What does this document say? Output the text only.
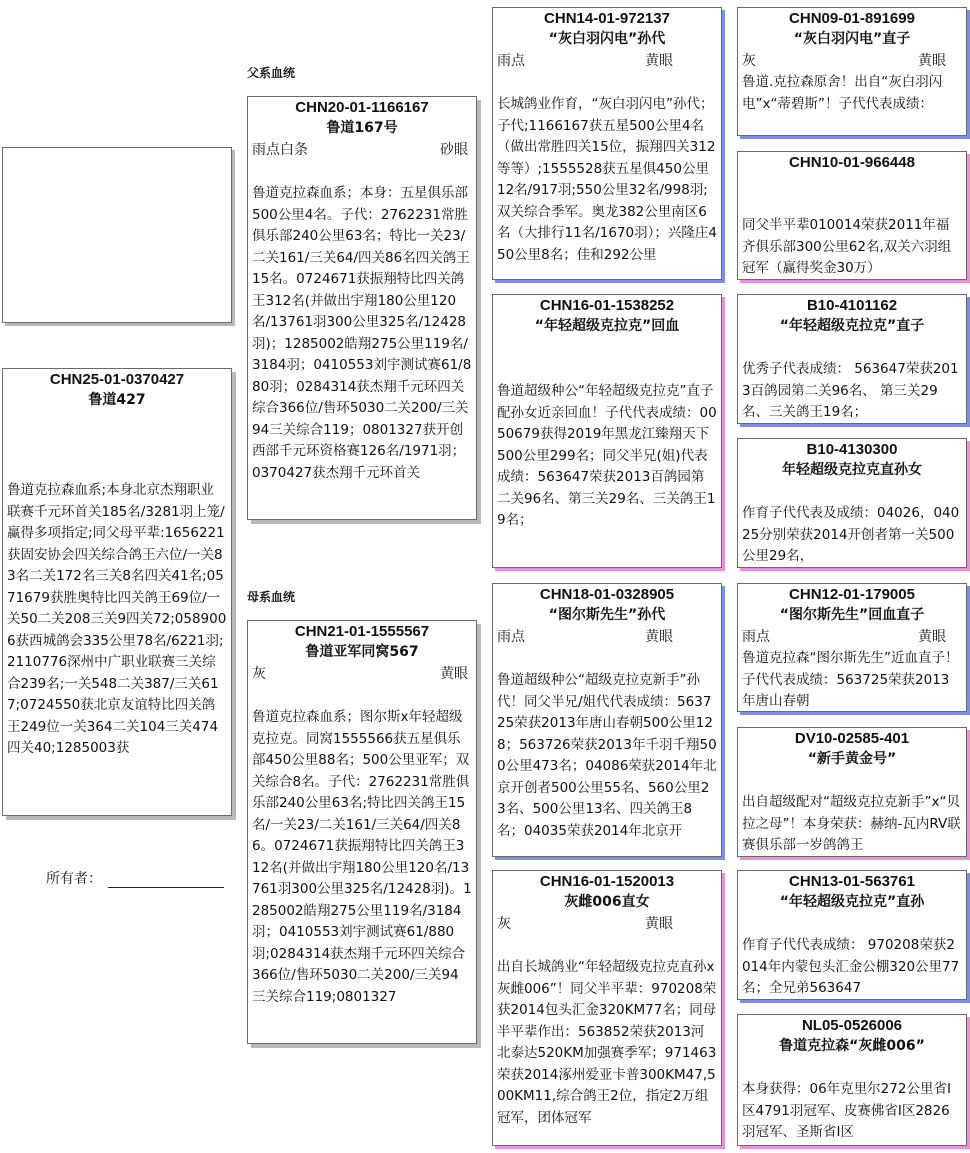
CHN25-01-0370427
鲁道427
鲁道克拉森血系;本身北京杰翔职业联赛千元环首关185名/3281羽上笼/赢得多项指定;同父母平辈:1656221获固安协会四关综合鸽王六位/一关83名二关172名三关8名四关41名;0571679获胜奥特比四关鸽王69位/一关50二关208三关9四关72;0589006获西城鸽会335公里78名/6221羽;2110776深州中广职业联赛三关综合239名;一关548二关387/三关617;0724550获北京友谊特比四关鸽王249位一关364二关104三关474四关40;1285003获
所有者：
父系血统
母系血统
CHN20-01-1166167
鲁道167号
雨点白条	砂眼
鲁道克拉森血系；本身：五星俱乐部500公里4名。子代：2762231常胜俱乐部240公里63名；特比一关23/二关161/三关64/四关86名四关鸽王15名。0724671获振翔特比四关鸽王312名(并做出宇翔180公里120名/13761羽300公里325名/12428羽)；1285002皓翔275公里119名/3184羽；0410553刘宇测试赛61/880羽；0284314获杰翔千元环四关综合366位/售环5030二关200/三关94三关综合119；0801327获开创西部千元环资格赛126名/1971羽；0370427获杰翔千元环首关
CHN21-01-1555567
鲁道亚军同窝567
灰	黄眼
鲁道克拉森血系；图尔斯x年轻超级克拉克。同窝1555566获五星俱乐部450公里88名；500公里亚军；双关综合8名。子代：2762231常胜俱乐部240公里63名;特比四关鸽王15名/一关23/二关161/三关64/四关86。0724671获振翔特比四关鸽王312名(并做出宇翔180公里120名/13761羽300公里325名/12428羽)。1285002皓翔275公里119名/3184羽；0410553刘宇测试赛61/880羽;0284314获杰翔千元环四关综合366位/售环5030二关200/三关94三关综合119;0801327
CHN14-01-972137
“灰白羽闪电”孙代
雨点	黄眼
长城鸽业作育，“灰白羽闪电”孙代；子代;1166167获五星500公里4名（做出常胜四关15位，振翔四关312等等）;1555528获五星俱450公里12名/917羽;550公里32名/998羽;双关综合季军。奥龙382公里南区6名（大排行11名/1670羽）；兴隆庄450公里8名；佳和292公里
CHN16-01-1538252
“年轻超级克拉克”回血
鲁道超级种公“年轻超级克拉克”直子配孙女近亲回血！子代代表成绩：0050679获得2019年黑龙江臻翔天下500公里299名；同父半兄(姐)代表成绩：563647荣获2013百鸽园第二关96名、第三关29名、三关鸽王19名；
CHN18-01-0328905
“图尔斯先生”孙代
雨点	黄眼
鲁道超级种公“超级克拉克新手”孙代！同父半兄/姐代代表成绩：563725荣获2013年唐山春朝500公里128；563726荣获2013年千羽千翔500公里473名；04086荣获2014年北京开创者500公里55名、560公里23名、500公里13名、四关鸽王8名；04035荣获2014年北京开
CHN16-01-1520013
灰雌006直女
灰	黄眼
出自长城鸽业“年轻超级克拉克直孙x灰雌006”！同父半平辈：970208荣获2014包头汇金320KM77名；同母半平辈作出：563852荣获2013河北泰达520KM加强赛季军；971463荣获2014涿州爱亚卡普300KM47,500KM11,综合鸽王2位，指定2万组冠军，团体冠军
CHN09-01-891699
“灰白羽闪电”直子
灰	黄眼
鲁道.克拉森原舍！出自“灰白羽闪电”x“蒂碧斯”！子代代表成绩：
CHN10-01-966448
同父半平辈010014荣获2011年福齐俱乐部300公里62名,双关六羽组冠军（赢得奖金30万）
B10-4101162
“年轻超级克拉克”直子
优秀子代表成绩： 563647荣获2013百鸽园第二关96名、 第三关29名、三关鸽王19名；
B10-4130300
年轻超级克拉克直孙女
作育子代代表及成绩：04026，04025分别荣获2014开创者第一关500公里29名，
CHN12-01-179005
“图尔斯先生”回血直子
雨点	黄眼
鲁道克拉森“图尔斯先生”近血直子！子代代表成绩：563725荣获2013年唐山春朝
DV10-02585-401
“新手黄金号”
出自超级配对“超级克拉克新手”x“贝拉之母”！本身荣获：赫纳-瓦内RV联赛俱乐部一岁鸽鸽王
CHN13-01-563761
“年轻超级克拉克”直孙
作育子代代表成绩： 970208荣获2014年内蒙包头汇金公棚320公里77名；全兄弟563647
NL05-0526006
鲁道克拉森“灰雌006”
本身获得：06年克里尔272公里省I区4791羽冠军、皮赛佛省I区2826羽冠军、圣斯省I区
